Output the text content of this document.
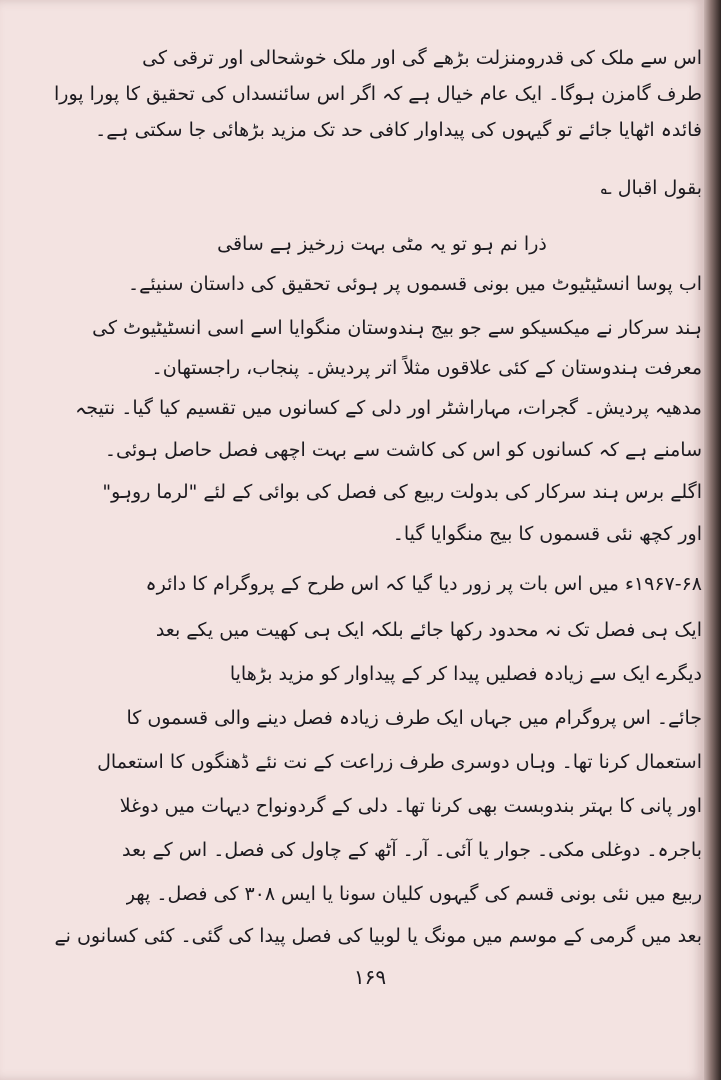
اس سے ملک کی قدرومنزلت بڑھے گی اور ملک خوشحالی اور ترقی کی
طرف گامزن ہوگا۔ ایک عام خیال ہے کہ اگر اس سائنسداں کی تحقیق کا پورا پورا
فائدہ اٹھایا جائے تو گیہوں کی پیداوار کافی حد تک مزید بڑھائی جا سکتی ہے۔
بقول اقبال ؎
ذرا نم ہو تو یہ مٹی بہت زرخیز ہے ساقی
اب پوسا انسٹیٹیوٹ میں بونی قسموں پر ہوئی تحقیق کی داستان سنیئے۔
ہند سرکار نے میکسیکو سے جو بیج ہندوستان منگوایا اسے اسی انسٹیٹیوٹ کی
معرفت ہندوستان کے کئی علاقوں مثلاً اتر پردیش۔ پنجاب، راجستھان۔
مدھیہ پردیش۔ گجرات، مہاراشٹر اور دلی کے کسانوں میں تقسیم کیا گیا۔ نتیجہ
سامنے ہے کہ کسانوں کو اس کی کاشت سے بہت اچھی فصل حاصل ہوئی۔
اگلے برس ہند سرکار کی بدولت ربیع کی فصل کی بوائی کے لئے "لرما روہو"
اور کچھ نئی قسموں کا بیج منگوایا گیا۔
۱۹۶۷-۶۸ء میں اس بات پر زور دیا گیا کہ اس طرح کے پروگرام کا دائرہ
ایک ہی فصل تک نہ محدود رکھا جائے بلکہ ایک ہی کھیت میں یکے بعد
دیگرے ایک سے زیادہ فصلیں پیدا کر کے پیداوار کو مزید بڑھایا
جائے۔ اس پروگرام میں جہاں ایک طرف زیادہ فصل دینے والی قسموں کا
استعمال کرنا تھا۔ وہاں دوسری طرف زراعت کے نت نئے ڈھنگوں کا استعمال
اور پانی کا بہتر بندوبست بھی کرنا تھا۔ دلی کے گردونواح دیہات میں دوغلا
باجرہ۔ دوغلی مکی۔ جوار یا آئی۔ آر۔ آٹھ کے چاول کی فصل۔ اس کے بعد
ربیع میں نئی بونی قسم کی گیہوں کلیان سونا یا ایس ۳۰۸ کی فصل۔ پھر
بعد میں گرمی کے موسم میں مونگ یا لوبیا کی فصل پیدا کی گئی۔ کئی کسانوں نے
۱۶۹
